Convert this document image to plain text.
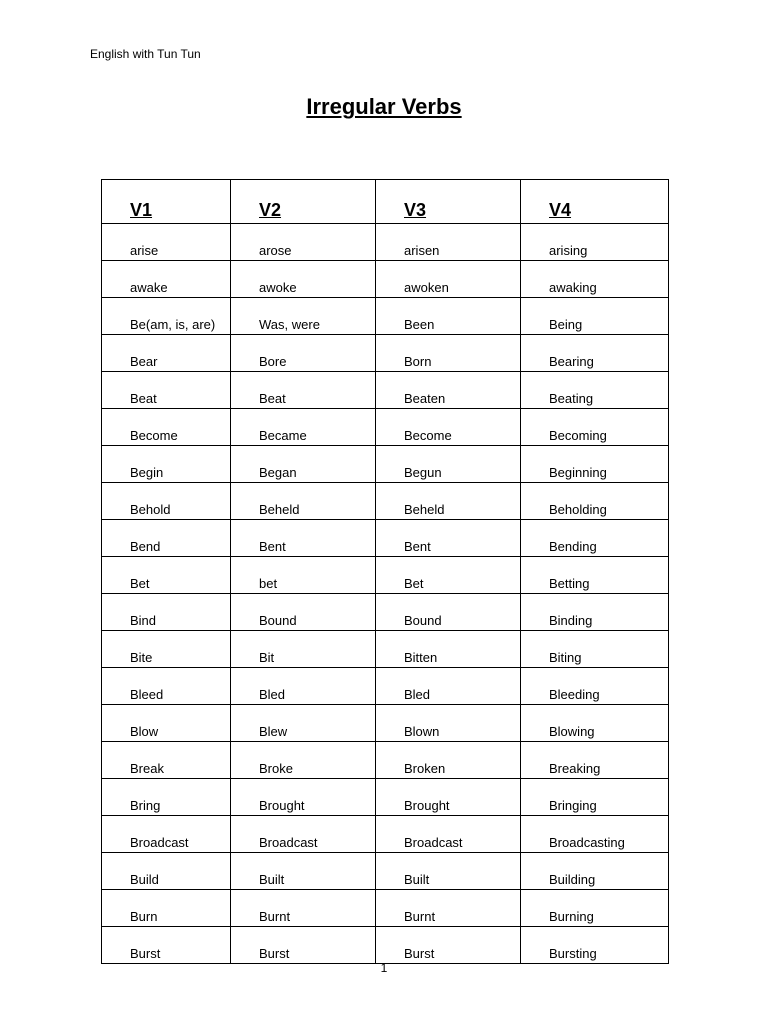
English with Tun Tun
Irregular Verbs
V1	V2	V3	V4
arise	arose	arisen	arising
awake	awoke	awoken	awaking
Be(am, is, are)	Was, were	Been	Being
Bear	Bore	Born	Bearing
Beat	Beat	Beaten	Beating
Become	Became	Become	Becoming
Begin	Began	Begun	Beginning
Behold	Beheld	Beheld	Beholding
Bend	Bent	Bent	Bending
Bet	bet	Bet	Betting
Bind	Bound	Bound	Binding
Bite	Bit	Bitten	Biting
Bleed	Bled	Bled	Bleeding
Blow	Blew	Blown	Blowing
Break	Broke	Broken	Breaking
Bring	Brought	Brought	Bringing
Broadcast	Broadcast	Broadcast	Broadcasting
Build	Built	Built	Building
Burn	Burnt	Burnt	Burning
Burst	Burst	Burst	Bursting
1
